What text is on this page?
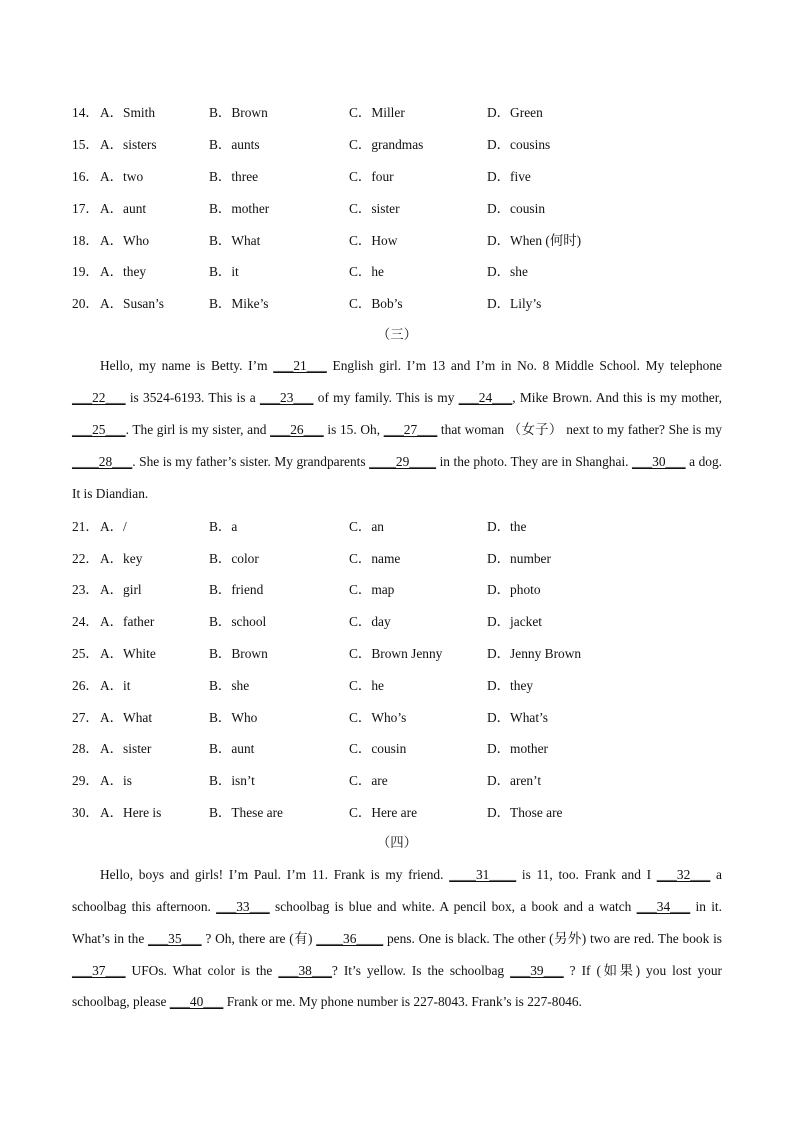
14． A．Smith	B．Brown	C．Miller	D．Green
15． A．sisters	B．aunts	C．grandmas	D．cousins
16． A．two	B．three	C．four	D．five
17． A．aunt	B．mother	C．sister	D．cousin
18． A．Who	B．What	C．How	D．When (何时)
19． A．they	B．it	C．he	D．she
20． A．Susan’s	B．Mike’s	C．Bob’s	D．Lily’s
（三）

Hello, my name is Betty. I’m ___21___ English girl. I’m 13 and I’m in No. 8 Middle School. My telephone ___22___ is 3524-6193. This is a ___23___ of my family. This is my ___24___, Mike Brown. And this is my mother, ___25___. The girl is my sister, and ___26___ is 15. Oh, ___27___ that woman （女子） next to my father? She is my ____28___. She is my father’s sister. My grandparents ____29____ in the photo. They are in Shanghai. ___30___ a dog. It is Diandian.

21． A．/	B．a	C．an	D．the
22． A．key	B．color	C．name	D．number
23． A．girl	B．friend	C．map	D．photo
24． A．father	B．school	C．day	D．jacket
25． A．White	B．Brown	C．Brown Jenny	D．Jenny Brown
26． A．it	B．she	C．he	D．they
27． A．What	B．Who	C．Who’s	D．What’s
28． A．sister	B．aunt	C．cousin	D．mother
29． A．is	B．isn’t	C．are	D．aren’t
30． A．Here is	B．These are	C．Here are	D．Those are
（四）

Hello, boys and girls! I’m Paul. I’m 11. Frank is my friend. ____31____ is 11, too. Frank and I ___32___ a schoolbag this afternoon. ___33___ schoolbag is blue and white. A pencil box, a book and a watch ___34___ in it. What’s in the ___35___ ? Oh, there are (有) ____36____ pens. One is black. The other (另外) two are red. The book is ___37___ UFOs. What color is the ___38___? It’s yellow. Is the schoolbag ___39___ ? If (如果) you lost your schoolbag, please ___40___ Frank or me. My phone number is 227-8043. Frank’s is 227-8046.
